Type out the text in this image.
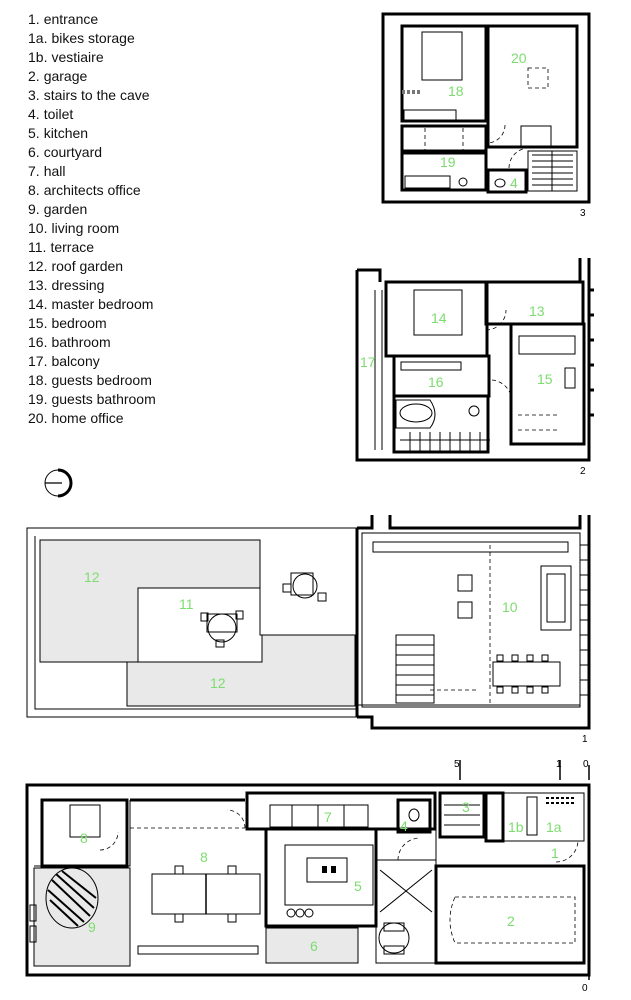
1. entrance
1a. bikes storage
1b. vestiaire
2. garage
3. stairs to the cave
4. toilet
5. kitchen
6. courtyard
7. hall
8. architects office
9. garden
10. living room
11. terrace
12. roof garden
13. dressing
14. master bedroom
15. bedroom
16. bathroom
17. balcony
18. guests bedroom
19. guests bathroom
20. home office
20
18
19
4
3
13
14
17
16	15
2
12
11
12
10
1
5	1 0
8
8
7
4
3
1b 1a
1
5
9
6
2
0
